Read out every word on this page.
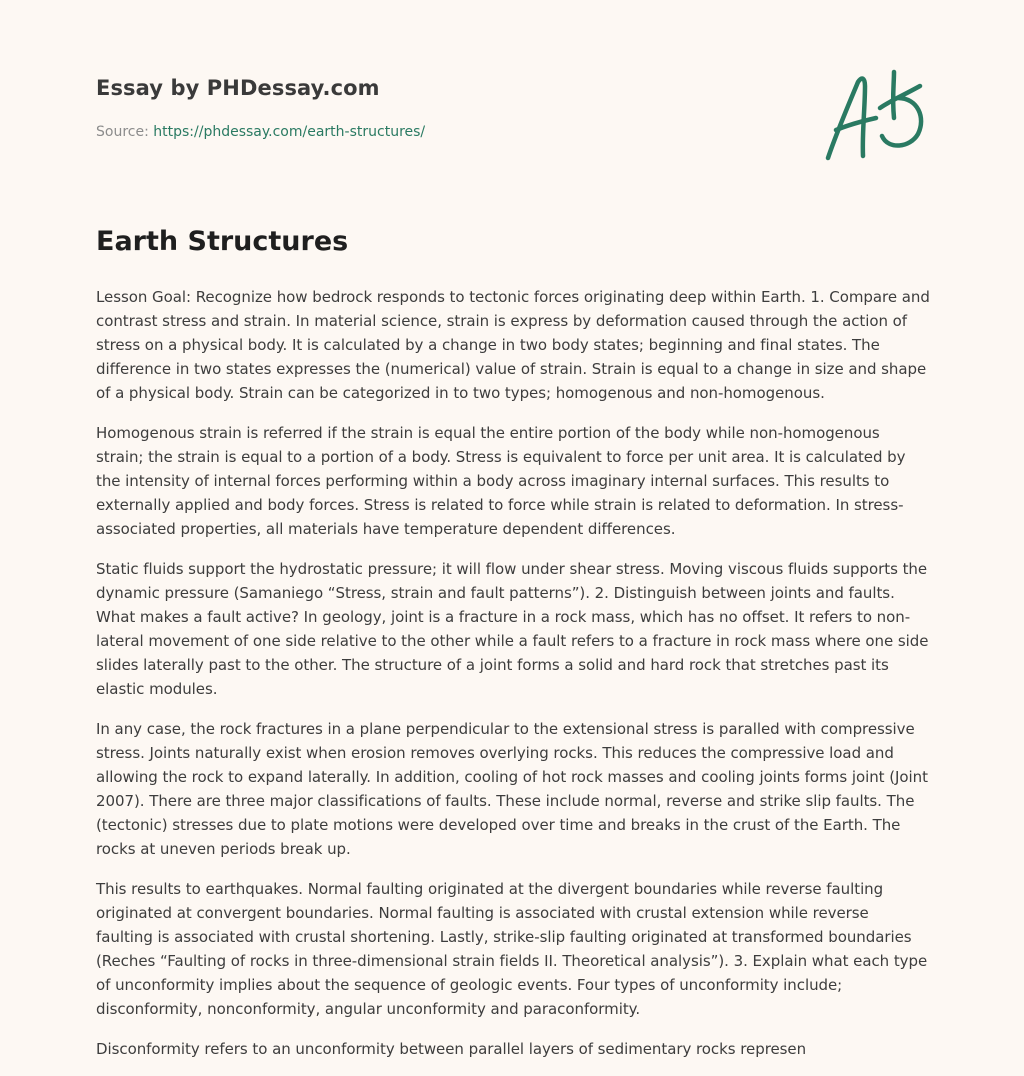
Essay by PHDessay.com
Source: https://phdessay.com/earth-structures/
Earth Structures

Lesson Goal: Recognize how bedrock responds to tectonic forces originating deep within Earth. 1. Compare and contrast stress and strain. In material science, strain is express by deformation caused through the action of stress on a physical body. It is calculated by a change in two body states; beginning and final states. The difference in two states expresses the (numerical) value of strain. Strain is equal to a change in size and shape of a physical body. Strain can be categorized in to two types; homogenous and non-homogenous.

Homogenous strain is referred if the strain is equal the entire portion of the body while non-homogenous strain; the strain is equal to a portion of a body. Stress is equivalent to force per unit area. It is calculated by the intensity of internal forces performing within a body across imaginary internal surfaces. This results to externally applied and body forces. Stress is related to force while strain is related to deformation. In stress-associated properties, all materials have temperature dependent differences.

Static fluids support the hydrostatic pressure; it will flow under shear stress. Moving viscous fluids supports the dynamic pressure (Samaniego “Stress, strain and fault patterns”). 2. Distinguish between joints and faults. What makes a fault active? In geology, joint is a fracture in a rock mass, which has no offset. It refers to non-lateral movement of one side relative to the other while a fault refers to a fracture in rock mass where one side slides laterally past to the other. The structure of a joint forms a solid and hard rock that stretches past its elastic modules.

In any case, the rock fractures in a plane perpendicular to the extensional stress is paralled with compressive stress. Joints naturally exist when erosion removes overlying rocks. This reduces the compressive load and allowing the rock to expand laterally. In addition, cooling of hot rock masses and cooling joints forms joint (Joint 2007). There are three major classifications of faults. These include normal, reverse and strike slip faults. The (tectonic) stresses due to plate motions were developed over time and breaks in the crust of the Earth. The rocks at uneven periods break up.

This results to earthquakes. Normal faulting originated at the divergent boundaries while reverse faulting originated at convergent boundaries. Normal faulting is associated with crustal extension while reverse faulting is associated with crustal shortening. Lastly, strike-slip faulting originated at transformed boundaries (Reches “Faulting of rocks in three-dimensional strain fields II. Theoretical analysis”). 3. Explain what each type of unconformity implies about the sequence of geologic events. Four types of unconformity include; disconformity, nonconformity, angular unconformity and paraconformity.

Disconformity refers to an unconformity between parallel layers of sedimentary rocks represen
